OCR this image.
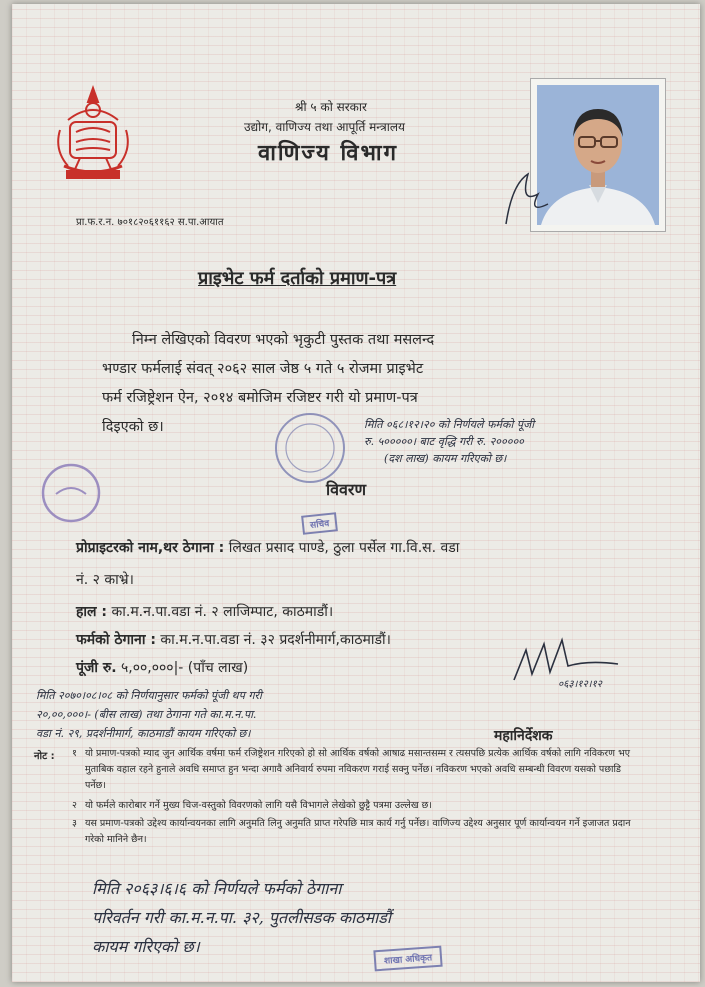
श्री ५ को सरकार
उद्योग, वाणिज्य तथा आपूर्ति मन्त्रालय
वाणिज्य विभाग
प्रा.फ.र.न. ७०१८२०६११६२ स.पा.आयात
प्राइभेट फर्म दर्ताको प्रमाण-पत्र
निम्न लेखिएको विवरण भएको भृकुटी पुस्तक तथा मसलन्द
भण्डार फर्मलाई संवत् २०६२ साल जेष्ठ ५ गते ५ रोजमा प्राइभेट
फर्म रजिष्ट्रेशन ऐन, २०१४ बमोजिम रजिष्टर गरी यो प्रमाण-पत्र
दिइएको छ।	मिति ०६८।१२।२० को निर्णयले फर्मको पूंजी
रु. ५०००००। बाट वृद्धि गरी रु. २०००००
(दश लाख) कायम गरिएको छ।
सचिव
विवरण
प्रोप्राइटरको नाम,थर ठेगाना : लिखत प्रसाद पाण्डे, ठुला पर्सेल गा.वि.स. वडा
नं. २ काभ्रे।
हाल : का.म.न.पा.वडा नं. २ लाजिम्पाट, काठमाडौं।
फर्मको ठेगाना : का.म.न.पा.वडा नं. ३२ प्रदर्शनीमार्ग,काठमाडौं।
पूंजी रु. ५,००,०००|- (पाँच लाख)
मिति २०७०।०८।०८ को निर्णयानुसार फर्मको पूंजी थप गरी
२०,००,०००।- (बीस लाख) तथा ठेगाना गते का.म.न.पा.
वडा नं. २९, प्रदर्शनीमार्ग, काठमाडौं कायम गरिएको छ।
०६३।१२।१२
महानिर्देशक
नोट : १ यो प्रमाण-पत्रको म्याद जुन आर्थिक वर्षमा फर्म रजिष्ट्रेशन गरिएको हो सो आर्थिक वर्षको आषाढ मसान्तसम्म र त्यसपछि प्रत्येक आर्थिक वर्षको लागि नविकरण भए मुताबिक वहाल रहने हुनाले अवधि समाप्त हुन भन्दा अगावै अनिवार्य रुपमा नविकरण गराई सक्नु पर्नेछ। नविकरण भएको अवधि सम्बन्धी विवरण यसको पछाडि पर्नेछ।
२ यो फर्मले कारोबार गर्ने मुख्य चिज-वस्तुको विवरणको लागि यसै विभागले लेखेको छुट्टै पत्रमा उल्लेख छ।
३ यस प्रमाण-पत्रको उद्देश्य कार्यान्वयनका लागि अनुमति लिनु अनुमति प्राप्त गरेपछि मात्र कार्य गर्नु पर्नेछ। वाणिज्य उद्देश्य अनुसार पूर्ण कार्यान्वयन गर्ने इजाजत प्रदान गरेको मानिने छैन।
मिति २०६३।६।६ को निर्णयले फर्मको ठेगाना
परिवर्तन गरी का.म.न.पा. ३२, पुतलीसडक काठमाडौं
कायम गरिएको छ।
शाखा अधिकृत
